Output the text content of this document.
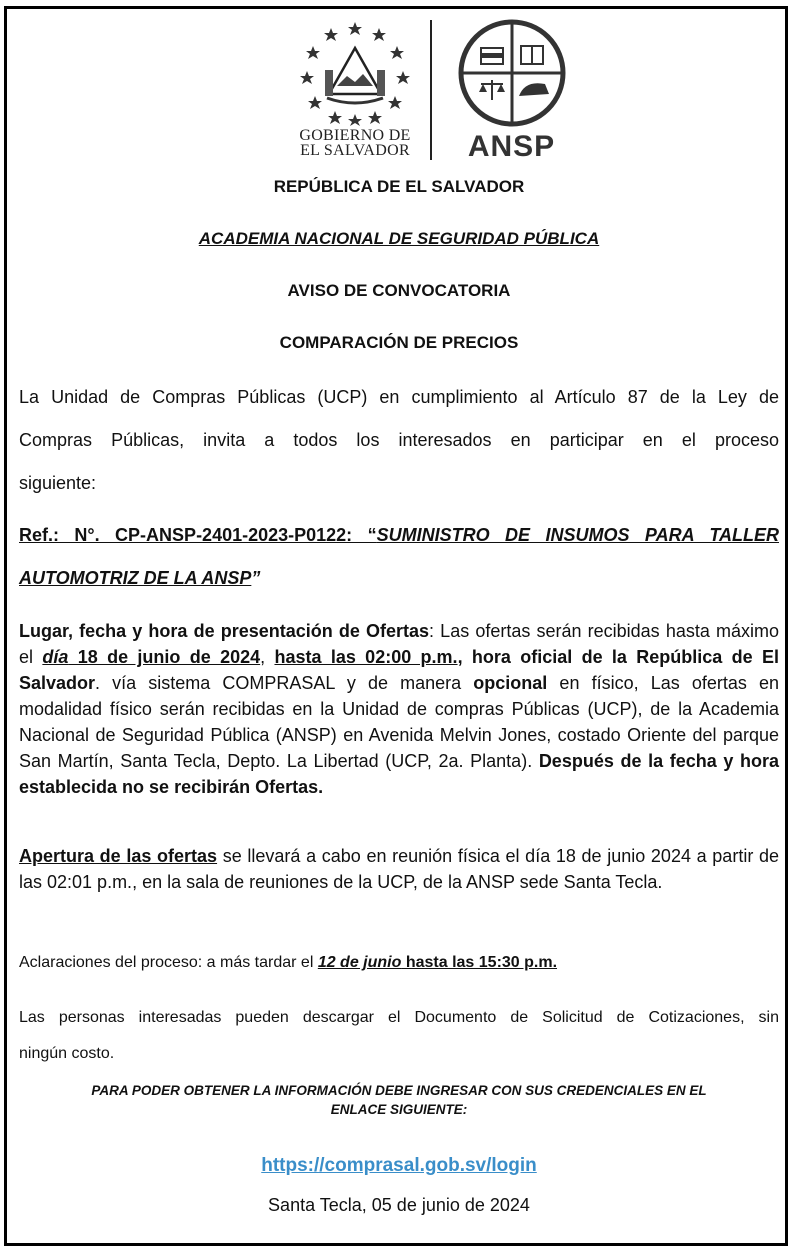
GOBIERNO DE
EL SALVADOR	ANSP
REPÚBLICA DE EL SALVADOR
ACADEMIA NACIONAL DE SEGURIDAD PÚBLICA
AVISO DE CONVOCATORIA
COMPARACIÓN DE PRECIOS
La Unidad de Compras Públicas (UCP) en cumplimiento al Artículo 87 de la Ley de
Compras Públicas, invita a todos los interesados en participar en el proceso
siguiente:
Ref.: N°. CP-ANSP-2401-2023-P0122: “SUMINISTRO DE INSUMOS PARA TALLER
AUTOMOTRIZ DE LA ANSP”
Lugar, fecha y hora de presentación de Ofertas: Las ofertas serán recibidas hasta máximo el día 18 de junio de 2024, hasta las 02:00 p.m., hora oficial de la República de El Salvador. vía sistema COMPRASAL y de manera opcional en físico, Las ofertas en modalidad físico serán recibidas en la Unidad de compras Públicas (UCP), de la Academia Nacional de Seguridad Pública (ANSP) en Avenida Melvin Jones, costado Oriente del parque San Martín, Santa Tecla, Depto. La Libertad (UCP, 2a. Planta). Después de la fecha y hora establecida no se recibirán Ofertas.
Apertura de las ofertas se llevará a cabo en reunión física el día 18 de junio 2024 a partir de las 02:01 p.m., en la sala de reuniones de la UCP, de la ANSP sede Santa Tecla.
Aclaraciones del proceso: a más tardar el 12 de junio hasta las 15:30 p.m.
Las personas interesadas pueden descargar el Documento de Solicitud de Cotizaciones, sin
ningún costo.
PARA PODER OBTENER LA INFORMACIÓN DEBE INGRESAR CON SUS CREDENCIALES EN EL
ENLACE SIGUIENTE:
https://comprasal.gob.sv/login
Santa Tecla, 05 de junio de 2024
